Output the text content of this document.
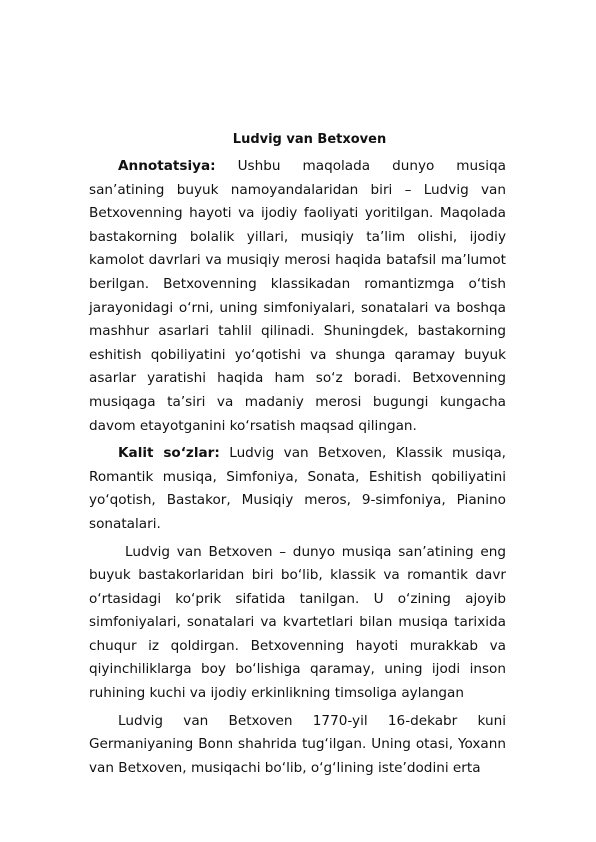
Ludvig van Betxoven

Annotatsiya: Ushbu maqolada dunyo musiqa san’atining buyuk namoyandalaridan biri – Ludvig van Betxovenning hayoti va ijodiy faoliyati yoritilgan. Maqolada bastakorning bolalik yillari, musiqiy ta’lim olishi, ijodiy kamolot davrlari va musiqiy merosi haqida batafsil ma’lumot berilgan. Betxovenning klassikadan romantizmga o‘tish jarayonidagi o‘rni, uning simfoniyalari, sonatalari va boshqa mashhur asarlari tahlil qilinadi. Shuningdek, bastakorning eshitish qobiliyatini yo‘qotishi va shunga qaramay buyuk asarlar yaratishi haqida ham so‘z boradi. Betxovenning musiqaga ta’siri va madaniy merosi bugungi kungacha davom etayotganini ko‘rsatish maqsad qilingan.

Kalit so‘zlar: Ludvig van Betxoven, Klassik musiqa, Romantik musiqa, Simfoniya, Sonata, Eshitish qobiliyatini yo‘qotish, Bastakor, Musiqiy meros, 9-simfoniya, Pianino sonatalari.

Ludvig van Betxoven – dunyo musiqa san’atining eng buyuk bastakorlaridan biri bo‘lib, klassik va romantik davr o‘rtasidagi ko‘prik sifatida tanilgan. U o‘zining ajoyib simfoniyalari, sonatalari va kvartetlari bilan musiqa tarixida chuqur iz qoldirgan. Betxovenning hayoti murakkab va qiyinchiliklarga boy bo‘lishiga qaramay, uning ijodi inson ruhining kuchi va ijodiy erkinlikning timsoliga aylangan

Ludvig van Betxoven 1770-yil 16-dekabr kuni Germaniyaning Bonn shahrida tug‘ilgan. Uning otasi, Yoxann van Betxoven, musiqachi bo‘lib, o‘g‘lining iste’dodini erta
